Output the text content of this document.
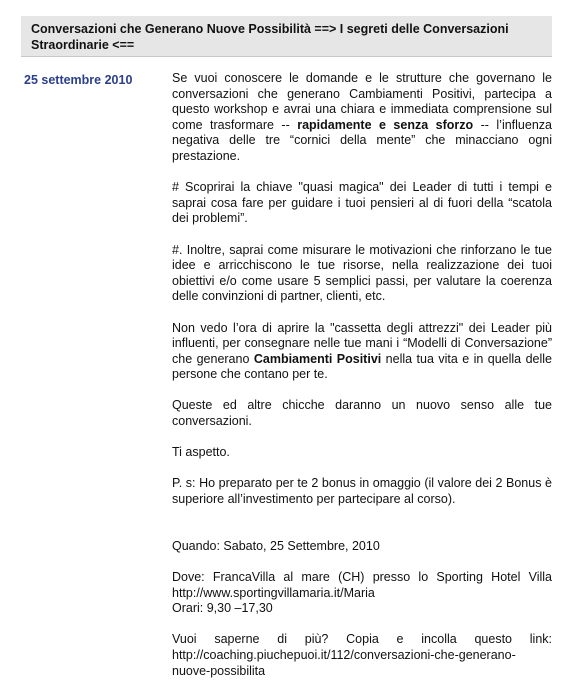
Conversazioni che Generano Nuove Possibilità ==> I segreti delle Conversazioni Straordinarie <==
25 settembre 2010	Se vuoi conoscere le domande e le strutture che governano le conversazioni che generano Cambiamenti Positivi, partecipa a questo workshop e avrai una chiara e immediata comprensione sul come trasformare -- rapidamente e senza sforzo -- l’influenza negativa delle tre “cornici della mente” che minacciano ogni prestazione.

# Scoprirai la chiave "quasi magica" dei Leader di tutti i tempi e saprai cosa fare per guidare i tuoi pensieri al di fuori della “scatola dei problemi”.

#. Inoltre, saprai come misurare le motivazioni che rinforzano le tue idee e arricchiscono le tue risorse, nella realizzazione dei tuoi obiettivi e/o come usare 5 semplici passi, per valutare la coerenza delle convinzioni di partner, clienti, etc.

Non vedo l’ora di aprire la "cassetta degli attrezzi" dei Leader più influenti, per consegnare nelle tue mani i “Modelli di Conversazione” che generano Cambiamenti Positivi nella tua vita e in quella delle persone che contano per te.

Queste ed altre chicche daranno un nuovo senso alle tue conversazioni.

Ti aspetto.

P. s: Ho preparato per te 2 bonus in omaggio (il valore dei 2 Bonus è superiore all’investimento per partecipare al corso).

Quando: Sabato, 25 Settembre, 2010

Dove: FrancaVilla al mare (CH) presso lo Sporting Hotel Villa
http://www.sportingvillamaria.it/Maria
Orari: 9,30 –17,30

Vuoi saperne di più? Copia e incolla questo link: http://coaching.piuchepuoi.it/112/conversazioni-che-generano-nuove-possibilita
